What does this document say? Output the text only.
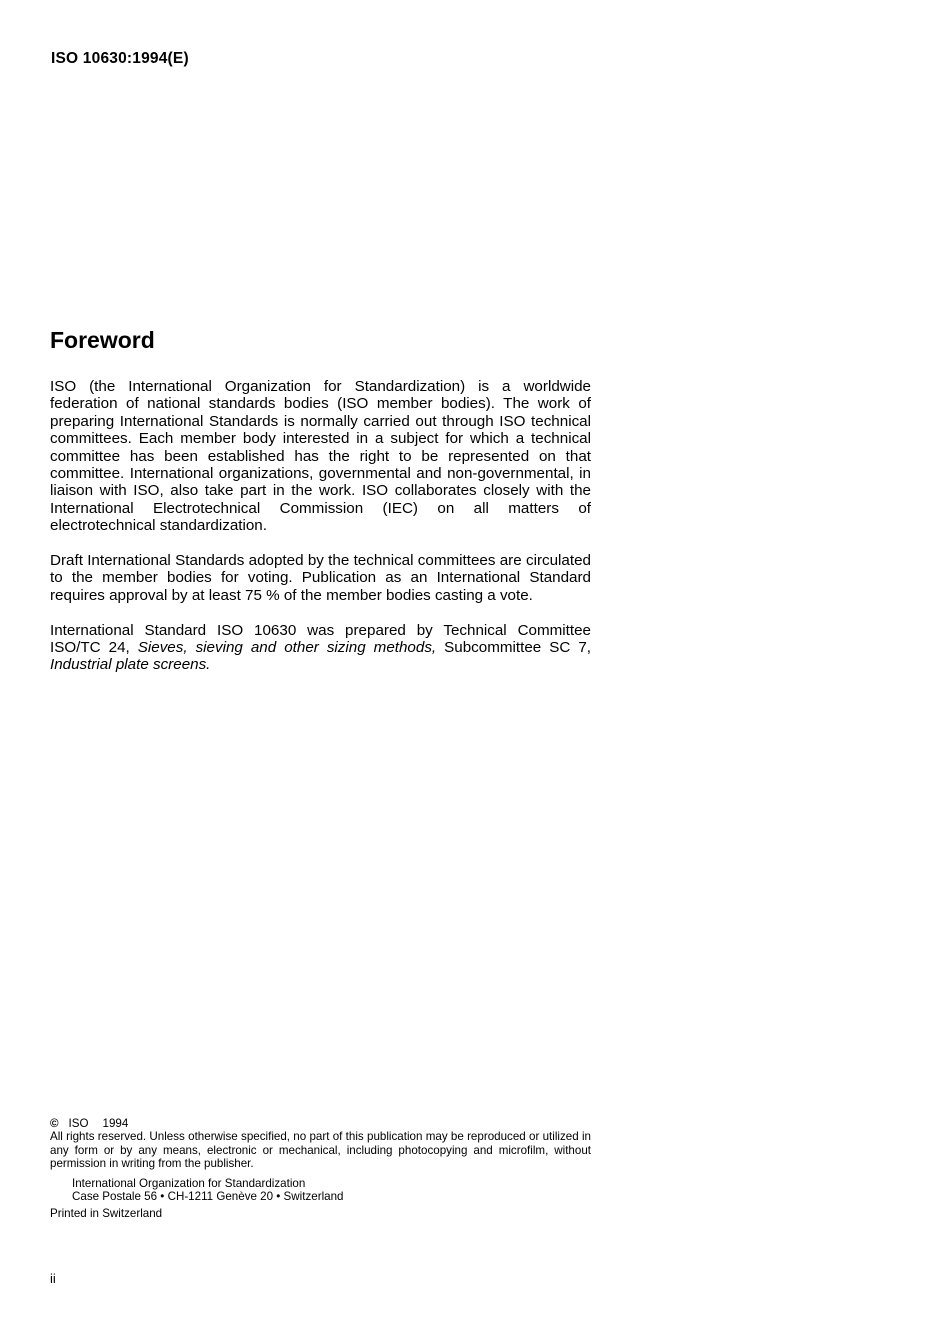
ISO 10630:1994(E)
Foreword

ISO (the International Organization for Standardization) is a worldwide federation of national standards bodies (ISO member bodies). The work of preparing International Standards is normally carried out through ISO technical committees. Each member body interested in a subject for which a technical committee has been established has the right to be represented on that committee. International organizations, governmental and non-governmental, in liaison with ISO, also take part in the work. ISO collaborates closely with the International Electrotechnical Commission (IEC) on all matters of electrotechnical standardization.

Draft International Standards adopted by the technical committees are circulated to the member bodies for voting. Publication as an International Standard requires approval by at least 75 % of the member bodies casting a vote.

International Standard ISO 10630 was prepared by Technical Committee ISO/TC 24, Sieves, sieving and other sizing methods, Subcommittee SC 7, Industrial plate screens.

© ISO 1994

All rights reserved. Unless otherwise specified, no part of this publication may be reproduced or utilized in any form or by any means, electronic or mechanical, including photocopying and microfilm, without permission in writing from the publisher.

International Organization for Standardization
Case Postale 56 • CH-1211 Genève 20 • Switzerland
Printed in Switzerland
ii
